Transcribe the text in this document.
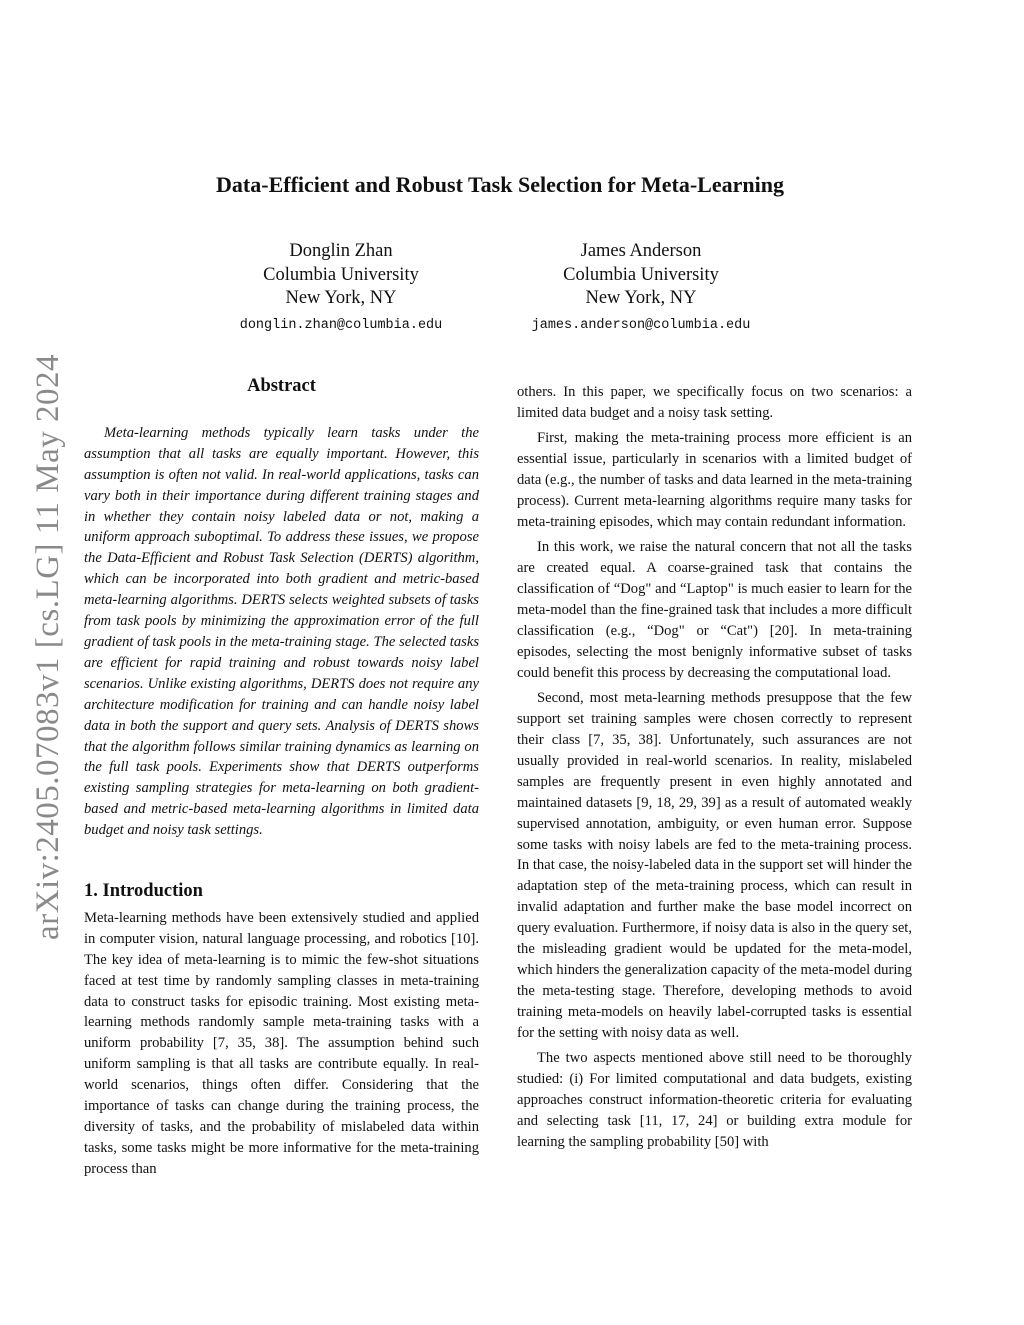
arXiv:2405.07083v1 [cs.LG] 11 May 2024
Data-Efficient and Robust Task Selection for Meta-Learning
Donglin Zhan
Columbia University
New York, NY
donglin.zhan@columbia.edu
James Anderson
Columbia University
New York, NY
james.anderson@columbia.edu
Abstract

Meta-learning methods typically learn tasks under the assumption that all tasks are equally important. However, this assumption is often not valid. In real-world applications, tasks can vary both in their importance during different training stages and in whether they contain noisy labeled data or not, making a uniform approach suboptimal. To address these issues, we propose the Data-Efficient and Robust Task Selection (DERTS) algorithm, which can be incorporated into both gradient and metric-based meta-learning algorithms. DERTS selects weighted subsets of tasks from task pools by minimizing the approximation error of the full gradient of task pools in the meta-training stage. The selected tasks are efficient for rapid training and robust towards noisy label scenarios. Unlike existing algorithms, DERTS does not require any architecture modification for training and can handle noisy label data in both the support and query sets. Analysis of DERTS shows that the algorithm follows similar training dynamics as learning on the full task pools. Experiments show that DERTS outperforms existing sampling strategies for meta-learning on both gradient-based and metric-based meta-learning algorithms in limited data budget and noisy task settings.

1. Introduction

Meta-learning methods have been extensively studied and applied in computer vision, natural language processing, and robotics [10]. The key idea of meta-learning is to mimic the few-shot situations faced at test time by randomly sampling classes in meta-training data to construct tasks for episodic training. Most existing meta-learning methods randomly sample meta-training tasks with a uniform probability [7, 35, 38]. The assumption behind such uniform sampling is that all tasks are contribute equally. In real-world scenarios, things often differ. Considering that the importance of tasks can change during the training process, the diversity of tasks, and the probability of mislabeled data within tasks, some tasks might be more informative for the meta-training process than

others. In this paper, we specifically focus on two scenarios: a limited data budget and a noisy task setting.

First, making the meta-training process more efficient is an essential issue, particularly in scenarios with a limited budget of data (e.g., the number of tasks and data learned in the meta-training process). Current meta-learning algorithms require many tasks for meta-training episodes, which may contain redundant information.

In this work, we raise the natural concern that not all the tasks are created equal. A coarse-grained task that contains the classification of “Dog" and “Laptop" is much easier to learn for the meta-model than the fine-grained task that includes a more difficult classification (e.g., “Dog" or “Cat") [20]. In meta-training episodes, selecting the most benignly informative subset of tasks could benefit this process by decreasing the computational load.

Second, most meta-learning methods presuppose that the few support set training samples were chosen correctly to represent their class [7, 35, 38]. Unfortunately, such assurances are not usually provided in real-world scenarios. In reality, mislabeled samples are frequently present in even highly annotated and maintained datasets [9, 18, 29, 39] as a result of automated weakly supervised annotation, ambiguity, or even human error. Suppose some tasks with noisy labels are fed to the meta-training process. In that case, the noisy-labeled data in the support set will hinder the adaptation step of the meta-training process, which can result in invalid adaptation and further make the base model incorrect on query evaluation. Furthermore, if noisy data is also in the query set, the misleading gradient would be updated for the meta-model, which hinders the generalization capacity of the meta-model during the meta-testing stage. Therefore, developing methods to avoid training meta-models on heavily label-corrupted tasks is essential for the setting with noisy data as well.

The two aspects mentioned above still need to be thoroughly studied: (i) For limited computational and data budgets, existing approaches construct information-theoretic criteria for evaluating and selecting task [11, 17, 24] or building extra module for learning the sampling probability [50] with
